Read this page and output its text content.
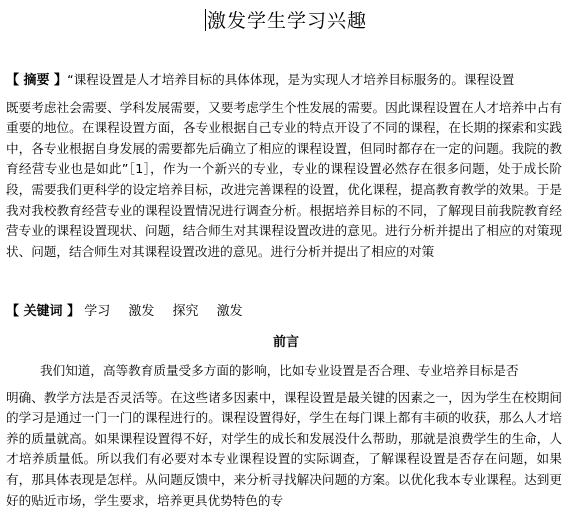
激发学生学习兴趣
【 摘要 】“课程设置是人才培养目标的具体体现，是为实现人才培养目标服务的。课程设置
既要考虑社会需要、学科发展需要，又要考虑学生个性发展的需要。因此课程设置在人才培养中占有重要的地位。在课程设置方面，各专业根据自己专业的特点开设了不同的课程，在长期的探索和实践中，各专业根据自身发展的需要都先后确立了相应的课程设置，但同时都存在一定的问题。我院的教育经营专业也是如此”［1］，作为一个新兴的专业，专业的课程设置必然存在很多问题，处于成长阶段，需要我们更科学的设定培养目标，改进完善课程的设置，优化课程，提高教育教学的效果。于是我对我校教育经营专业的课程设置情况进行调查分析。根据培养目标的不同，了解现目前我院教育经营专业的课程设置现状、问题，结合师生对其课程设置改进的意见。进行分析并提出了相应的对策现状、问题，结合师生对其课程设置改进的意见。进行分析并提出了相应的对策
【 关键词 】 学习 激发 探究 激发
前言
我们知道，高等教育质量受多方面的影响，比如专业设置是否合理、专业培养目标是否
明确、教学方法是否灵活等。在这些诸多因素中，课程设置是最关键的因素之一，因为学生在校期间的学习是通过一门一门的课程进行的。课程设置得好，学生在每门课上都有丰硕的收获，那么人才培养的质量就高。如果课程设置得不好，对学生的成长和发展没什么帮助，那就是浪费学生的生命，人才培养质量低。所以我们有必要对本专业课程设置的实际调查，了解课程设置是否存在问题，如果有，那具体表现是怎样。从问题反馈中，来分析寻找解决问题的方案。以优化我本专业课程。达到更好的贴近市场，学生要求，培养更具优势特色的专
